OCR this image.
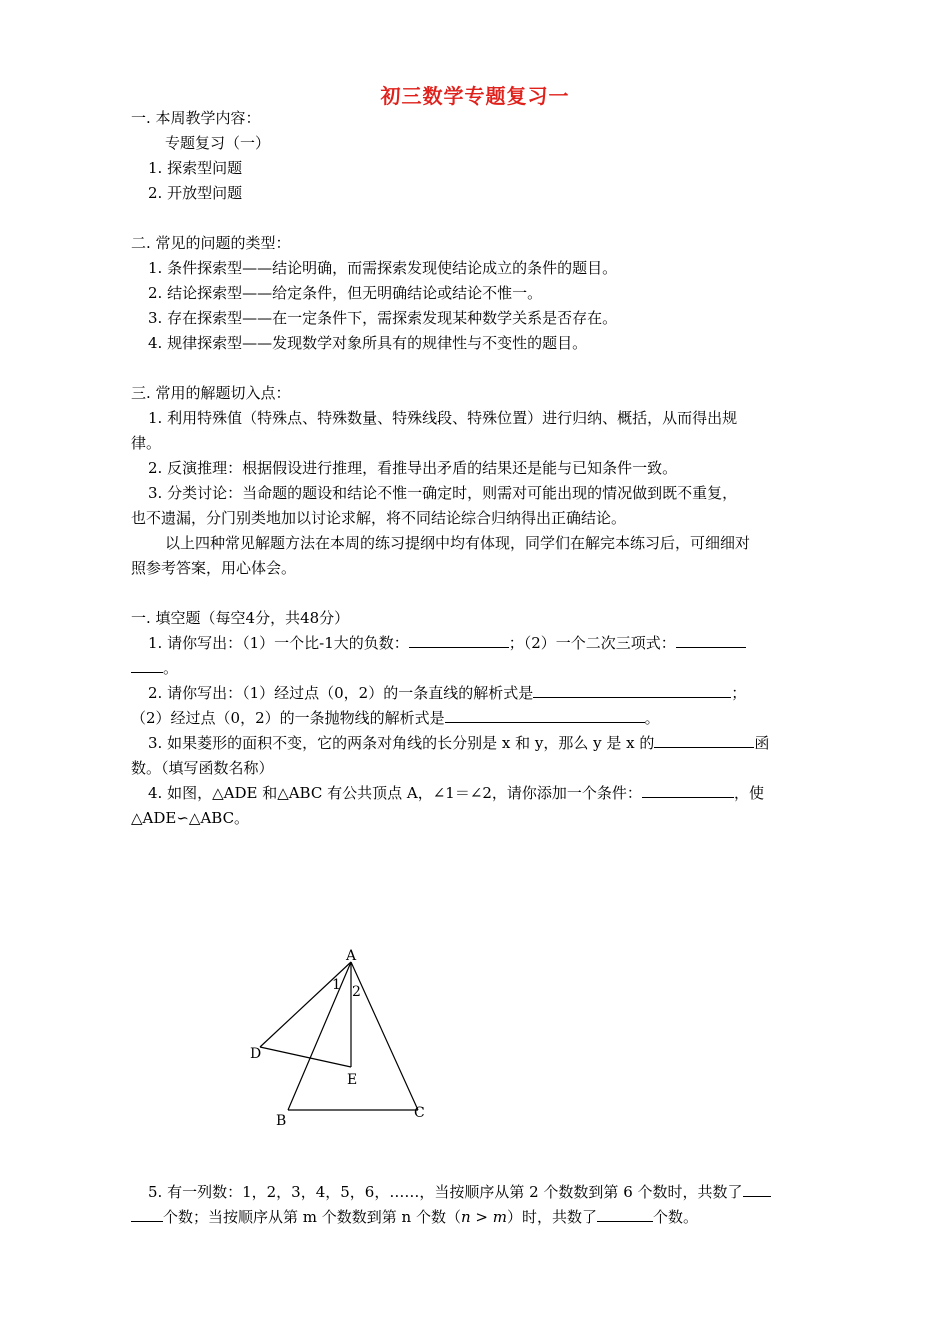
初三数学专题复习一
一. 本周教学内容：
专题复习（一）
1. 探索型问题
2. 开放型问题
二. 常见的问题的类型：
1. 条件探索型——结论明确，而需探索发现使结论成立的条件的题目。
2. 结论探索型——给定条件，但无明确结论或结论不惟一。
3. 存在探索型——在一定条件下，需探索发现某种数学关系是否存在。
4. 规律探索型——发现数学对象所具有的规律性与不变性的题目。
三. 常用的解题切入点：
1. 利用特殊值（特殊点、特殊数量、特殊线段、特殊位置）进行归纳、概括，从而得出规
律。
2. 反演推理：根据假设进行推理，看推导出矛盾的结果还是能与已知条件一致。
3. 分类讨论：当命题的题设和结论不惟一确定时，则需对可能出现的情况做到既不重复，
也不遗漏，分门别类地加以讨论求解，将不同结论综合归纳得出正确结论。
以上四种常见解题方法在本周的练习提纲中均有体现，同学们在解完本练习后，可细细对
照参考答案，用心体会。
一. 填空题（每空4分，共48分）
1. 请你写出：（1）一个比-1大的负数：	；（2）一个二次三项式：
。
2. 请你写出：（1）经过点（0，2）的一条直线的解析式是	；
（2）经过点（0，2）的一条抛物线的解析式是	。
3. 如果菱形的面积不变，它的两条对角线的长分别是 x 和 y，那么 y 是 x 的	函
数。（填写函数名称）
4. 如图，△ADE 和△ABC 有公共顶点 A，∠1＝∠2，请你添加一个条件：	，使
△ADE∽△ABC。
A
B	C
D
E
1 2
5. 有一列数：1，2，3，4，5，6，……，当按顺序从第 2 个数数到第 6 个数时，共数了
个数；当按顺序从第 m 个数数到第 n 个数（n > m）时，共数了	个数。
